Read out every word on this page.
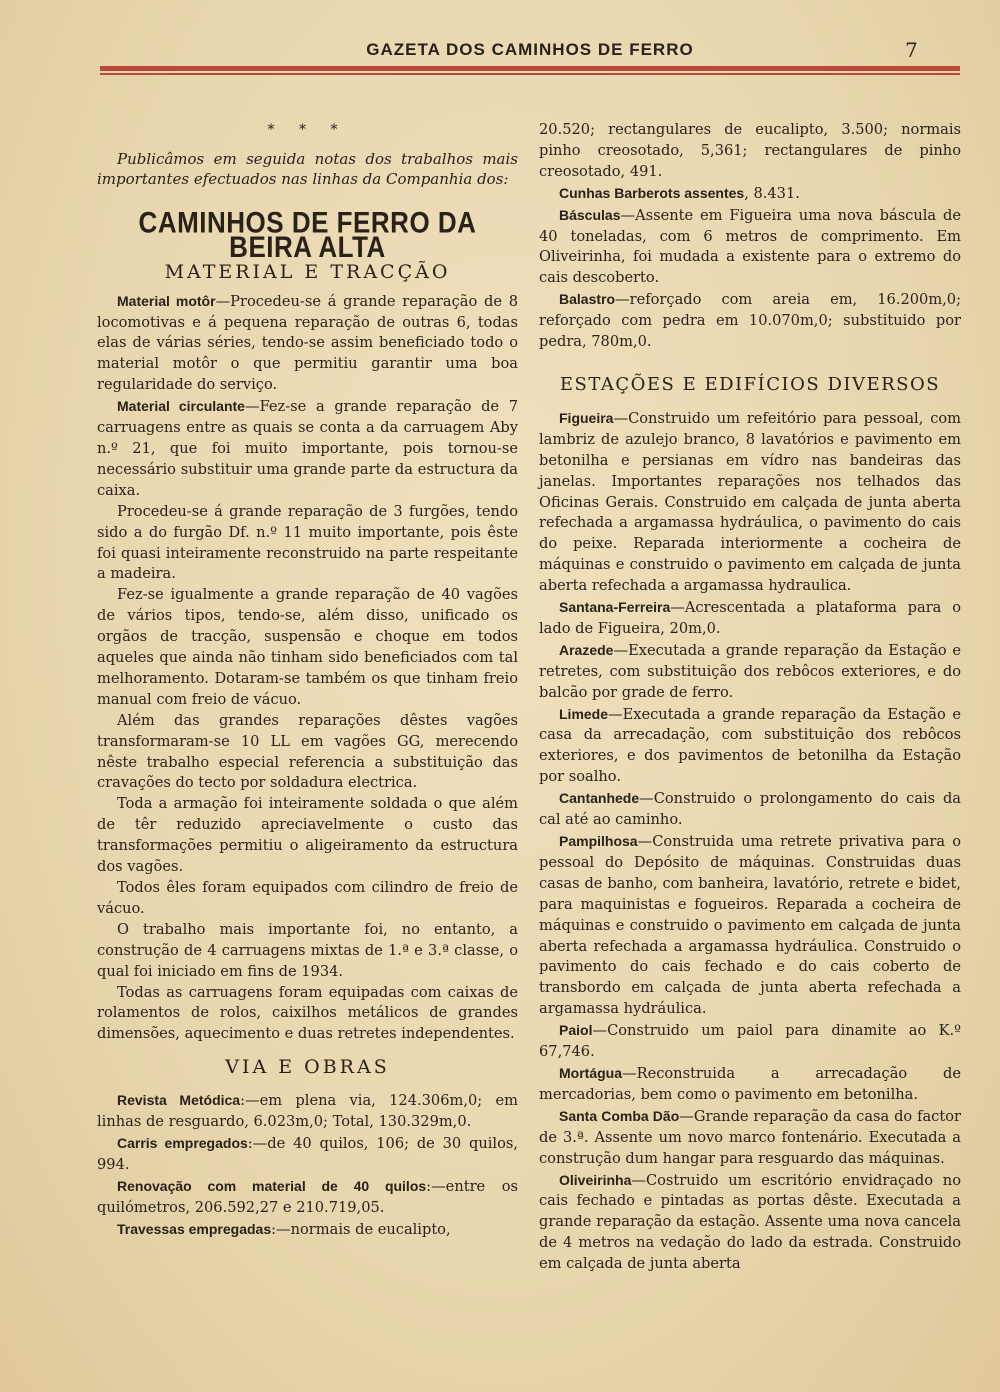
GAZETA DOS CAMINHOS DE FERRO	7
* * *

Publicâmos em seguida notas dos trabalhos mais importantes efectuados nas linhas da Companhia dos:

CAMINHOS DE FERRO DA BEIRA ALTA
MATERIAL E TRACÇÃO

Material motôr—Procedeu-se á grande reparação de 8 locomotivas e á pequena reparação de outras 6, todas elas de várias séries, tendo-se assim beneficiado todo o material motôr o que permitiu garantir uma boa regularidade do serviço.

Material circulante—Fez-se a grande reparação de 7 carruagens entre as quais se conta a da carruagem Aby n.º 21, que foi muito importante, pois tornou-se necessário substituir uma grande parte da estructura da caixa.

Procedeu-se á grande reparação de 3 furgões, tendo sido a do furgão Df. n.º 11 muito importante, pois êste foi quasi inteiramente reconstruido na parte respeitante a madeira.

Fez-se igualmente a grande reparação de 40 vagões de vários tipos, tendo-se, além disso, unificado os orgãos de tracção, suspensão e choque em todos aqueles que ainda não tinham sido beneficiados com tal melhoramento. Dotaram-se também os que tinham freio manual com freio de vácuo.

Além das grandes reparações dêstes vagões transformaram-se 10 LL em vagões GG, merecendo nêste trabalho especial referencia a substituição das cravações do tecto por soldadura electrica.

Toda a armação foi inteiramente soldada o que além de têr reduzido apreciavelmente o custo das transformações permitiu o aligeiramento da estructura dos vagões.

Todos êles foram equipados com cilindro de freio de vácuo.

O trabalho mais importante foi, no entanto, a construção de 4 carruagens mixtas de 1.ª e 3.ª classe, o qual foi iniciado em fins de 1934.

Todas as carruagens foram equipadas com caixas de rolamentos de rolos, caixilhos metálicos de grandes dimensões, aquecimento e duas retretes independentes.

VIA E OBRAS

Revista Metódica:—em plena via, 124.306m,0; em linhas de resguardo, 6.023m,0; Total, 130.329m,0.

Carris empregados:—de 40 quilos, 106; de 30 quilos, 994.

Renovação com material de 40 quilos:—entre os quilómetros, 206.592,27 e 210.719,05.

Travessas empregadas:—normais de eucalipto,

20.520; rectangulares de eucalipto, 3.500; normais pinho creosotado, 5,361; rectangulares de pinho creosotado, 491.

Cunhas Barberots assentes, 8.431.

Básculas—Assente em Figueira uma nova báscula de 40 toneladas, com 6 metros de comprimento. Em Oliveirinha, foi mudada a existente para o extremo do cais descoberto.

Balastro—reforçado com areia em, 16.200m,0; reforçado com pedra em 10.070m,0; substituido por pedra, 780m,0.

ESTAÇÕES E EDIFÍCIOS DIVERSOS

Figueira—Construido um refeitório para pessoal, com lambriz de azulejo branco, 8 lavatórios e pavimento em betonilha e persianas em vídro nas bandeiras das janelas. Importantes reparações nos telhados das Oficinas Gerais. Construido em calçada de junta aberta refechada a argamassa hydráulica, o pavimento do cais do peixe. Reparada interiormente a cocheira de máquinas e construido o pavimento em calçada de junta aberta refechada a argamassa hydraulica.

Santana-Ferreira—Acrescentada a plataforma para o lado de Figueira, 20m,0.

Arazede—Executada a grande reparação da Estação e retretes, com substituição dos rebôcos exteriores, e do balcão por grade de ferro.

Limede—Executada a grande reparação da Estação e casa da arrecadação, com substituição dos rebôcos exteriores, e dos pavimentos de betonilha da Estação por soalho.

Cantanhede—Construido o prolongamento do cais da cal até ao caminho.

Pampilhosa—Construida uma retrete privativa para o pessoal do Depósito de máquinas. Construidas duas casas de banho, com banheira, lavatório, retrete e bidet, para maquinistas e fogueiros. Reparada a cocheira de máquinas e construido o pavimento em calçada de junta aberta refechada a argamassa hydráulica. Construido o pavimento do cais fechado e do cais coberto de transbordo em calçada de junta aberta refechada a argamassa hydráulica.

Paiol—Construido um paiol para dinamite ao K.º 67,746.

Mortágua—Reconstruida a arrecadação de mercadorias, bem como o pavimento em betonilha.

Santa Comba Dão—Grande reparação da casa do factor de 3.ª. Assente um novo marco fontenário. Executada a construção dum hangar para resguardo das máquinas.

Oliveirinha—Costruido um escritório envidraçado no cais fechado e pintadas as portas dêste. Executada a grande reparação da estação. Assente uma nova cancela de 4 metros na vedação do lado da estrada. Construido em calçada de junta aberta
